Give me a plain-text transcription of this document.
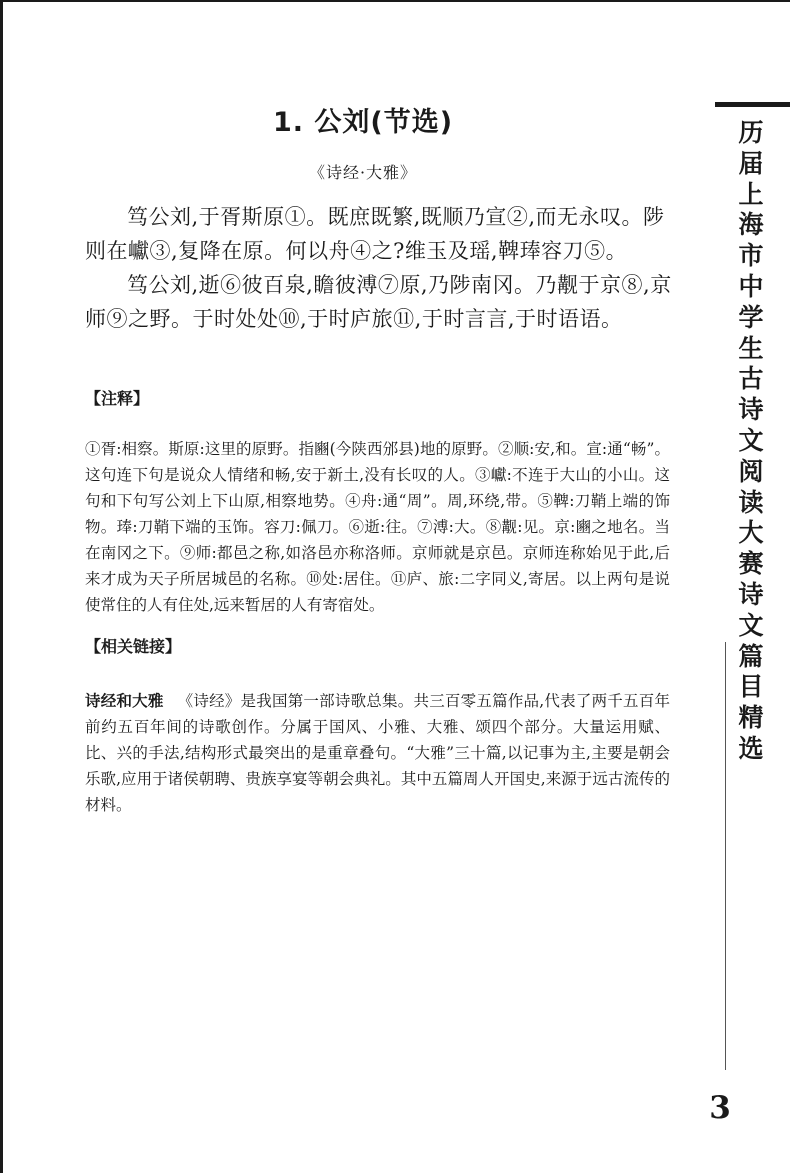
1. 公刘(节选)
《诗经·大雅》

笃公刘,于胥斯原①。既庶既繁,既顺乃宣②,而无永叹。陟则在巘③,复降在原。何以舟④之?维玉及瑶,鞞琫容刀⑤。

笃公刘,逝⑥彼百泉,瞻彼溥⑦原,乃陟南冈。乃觏于京⑧,京师⑨之野。于时处处⑩,于时庐旅⑪,于时言言,于时语语。

【注释】

①胥:相察。斯原:这里的原野。指豳(今陕西邠县)地的原野。②顺:安,和。宣:通“畅”。这句连下句是说众人情绪和畅,安于新土,没有长叹的人。③巘:不连于大山的小山。这句和下句写公刘上下山原,相察地势。④舟:通“周”。周,环绕,带。⑤鞞:刀鞘上端的饰物。琫:刀鞘下端的玉饰。容刀:佩刀。⑥逝:往。⑦溥:大。⑧觏:见。京:豳之地名。当在南冈之下。⑨师:都邑之称,如洛邑亦称洛师。京师就是京邑。京师连称始见于此,后来才成为天子所居城邑的名称。⑩处:居住。⑪庐、旅:二字同义,寄居。以上两句是说使常住的人有住处,远来暂居的人有寄宿处。

【相关链接】

诗经和大雅 《诗经》是我国第一部诗歌总集。共三百零五篇作品,代表了两千五百年前约五百年间的诗歌创作。分属于国风、小雅、大雅、颂四个部分。大量运用赋、比、兴的手法,结构形式最突出的是重章叠句。“大雅”三十篇,以记事为主,主要是朝会乐歌,应用于诸侯朝聘、贵族享宴等朝会典礼。其中五篇周人开国史,来源于远古流传的材料。

历
届
上
海
市
中
学
生
古
诗
文
阅
读
大
赛
诗
文
篇
目
精
选
3
